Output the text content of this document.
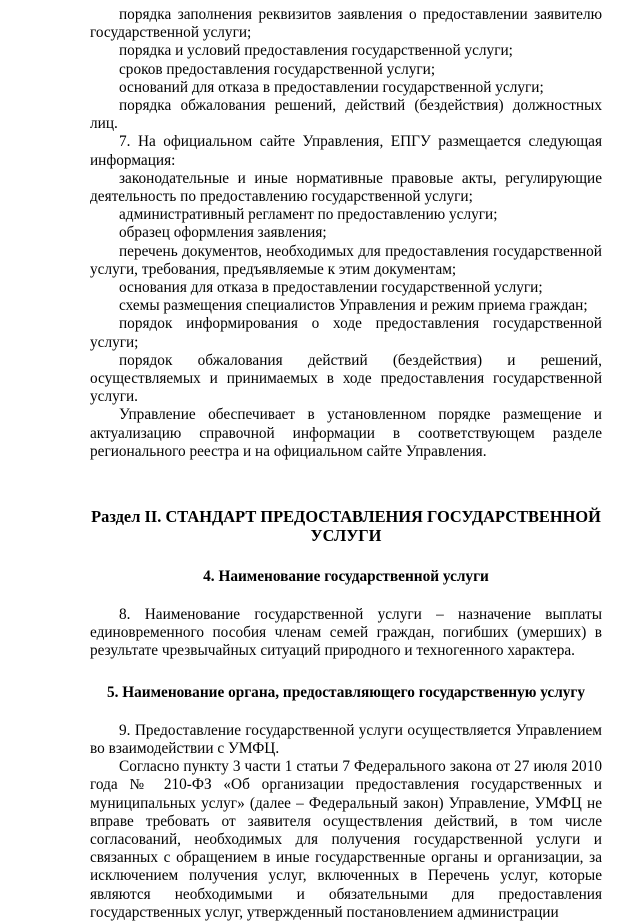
порядка заполнения реквизитов заявления о предоставлении заявителю государственной услуги;

порядка и условий предоставления государственной услуги;

сроков предоставления государственной услуги;

оснований для отказа в предоставлении государственной услуги;

порядка обжалования решений, действий (бездействия) должностных лиц.

7. На официальном сайте Управления, ЕПГУ размещается следующая информация:

законодательные и иные нормативные правовые акты, регулирующие деятельность по предоставлению государственной услуги;

административный регламент по предоставлению услуги;

образец оформления заявления;

перечень документов, необходимых для предоставления государственной услуги, требования, предъявляемые к этим документам;

основания для отказа в предоставлении государственной услуги;

схемы размещения специалистов Управления и режим приема граждан;

порядок информирования о ходе предоставления государственной услуги;

порядок обжалования действий (бездействия) и решений, осуществляемых и принимаемых в ходе предоставления государственной услуги.

Управление обеспечивает в установленном порядке размещение и актуализацию справочной информации в соответствующем разделе регионального реестра и на официальном сайте Управления.

Раздел II. СТАНДАРТ ПРЕДОСТАВЛЕНИЯ ГОСУДАРСТВЕННОЙ УСЛУГИ
4. Наименование государственной услуги

8. Наименование государственной услуги – назначение выплаты единовременного пособия членам семей граждан, погибших (умерших) в результате чрезвычайных ситуаций природного и техногенного характера.

5. Наименование органа, предоставляющего государственную услугу

9. Предоставление государственной услуги осуществляется Управлением во взаимодействии с УМФЦ.

Согласно пункту 3 части 1 статьи 7 Федерального закона от 27 июля 2010 года № 210-ФЗ «Об организации предоставления государственных и муниципальных услуг» (далее – Федеральный закон) Управление, УМФЦ не вправе требовать от заявителя осуществления действий, в том числе согласований, необходимых для получения государственной услуги и связанных с обращением в иные государственные органы и организации, за исключением получения услуг, включенных в Перечень услуг, которые являются необходимыми и обязательными для предоставления государственных услуг, утвержденный постановлением администрации
